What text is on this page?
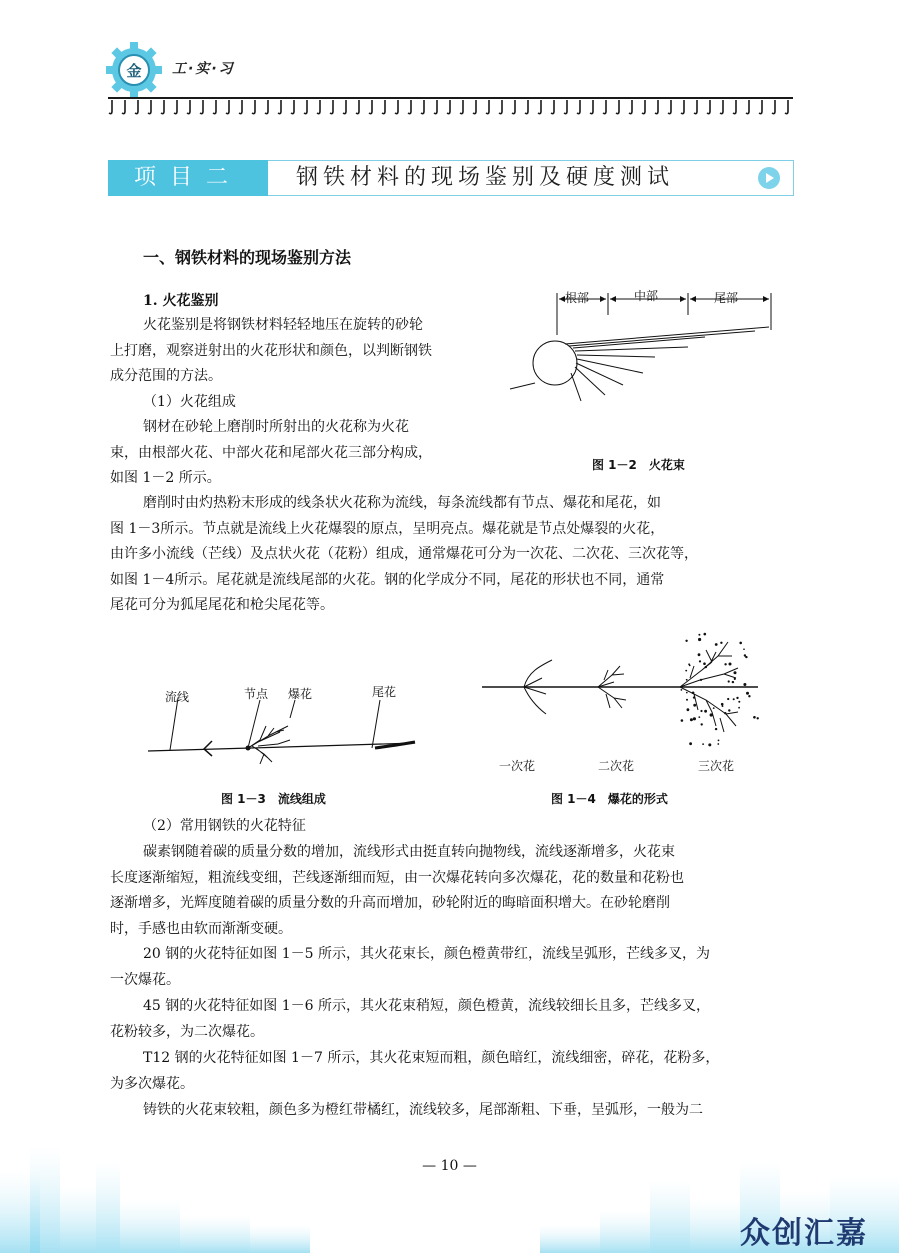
金 工·实·习
项目二	钢铁材料的现场鉴别及硬度测试
一、钢铁材料的现场鉴别方法
1. 火花鉴别
火花鉴别是将钢铁材料轻轻地压在旋转的砂轮
上打磨，观察迸射出的火花形状和颜色，以判断钢铁
成分范围的方法。
（1）火花组成
钢材在砂轮上磨削时所射出的火花称为火花
束，由根部火花、中部火花和尾部火花三部分构成，
如图 1－2 所示。
根部	中部	尾部
图 1－2　火花束
磨削时由灼热粉末形成的线条状火花称为流线，每条流线都有节点、爆花和尾花，如
图 1－3所示。节点就是流线上火花爆裂的原点，呈明亮点。爆花就是节点处爆裂的火花，
由许多小流线（芒线）及点状火花（花粉）组成，通常爆花可分为一次花、二次花、三次花等，
如图 1－4所示。尾花就是流线尾部的火花。钢的化学成分不同，尾花的形状也不同，通常
尾花可分为狐尾尾花和枪尖尾花等。
流线	节点 爆花	尾花
图 1－3　流线组成
一次花	二次花	三次花
图 1－4　爆花的形式
（2）常用钢铁的火花特征
碳素钢随着碳的质量分数的增加，流线形式由挺直转向抛物线，流线逐渐增多，火花束
长度逐渐缩短，粗流线变细，芒线逐渐细而短，由一次爆花转向多次爆花，花的数量和花粉也
逐渐增多，光辉度随着碳的质量分数的升高而增加，砂轮附近的晦暗面积增大。在砂轮磨削
时，手感也由软而渐渐变硬。
20 钢的火花特征如图 1－5 所示，其火花束长，颜色橙黄带红，流线呈弧形，芒线多叉，为
一次爆花。
45 钢的火花特征如图 1－6 所示，其火花束稍短，颜色橙黄，流线较细长且多，芒线多叉，
花粉较多，为二次爆花。
T12 钢的火花特征如图 1－7 所示，其火花束短而粗，颜色暗红，流线细密，碎花，花粉多，
为多次爆花。
铸铁的火花束较粗，颜色多为橙红带橘红，流线较多，尾部渐粗、下垂，呈弧形，一般为二
— 10 —
众创汇嘉
